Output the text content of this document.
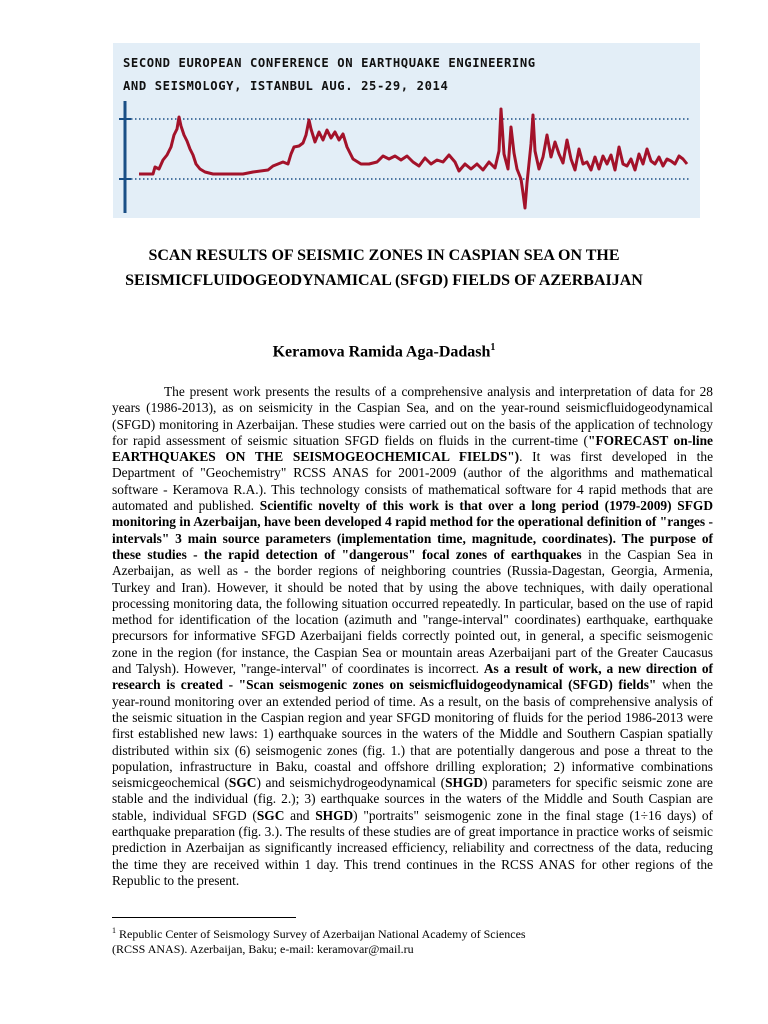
SECOND EUROPEAN CONFERENCE ON EARTHQUAKE ENGINEERING
AND SEISMOLOGY, ISTANBUL AUG. 25-29, 2014
SCAN RESULTS OF SEISMIC ZONES IN CASPIAN SEA ON THE
SEISMICFLUIDOGEODYNAMICAL (SFGD) FIELDS OF AZERBAIJAN
Keramova Ramida Aga-Dadash$^1$

The present work presents the results of a comprehensive analysis and interpretation of data for 28 years (1986-2013), as on seismicity in the Caspian Sea, and on the year-round seismicfluidogeodynamical (SFGD) monitoring in Azerbaijan. These studies were carried out on the basis of the application of technology for rapid assessment of seismic situation SFGD fields on fluids in the current-time ("FORECAST on-line EARTHQUAKES ON THE SEISMOGEOCHEMICAL FIELDS"). It was first developed in the Department of "Geochemistry" RCSS ANAS for 2001-2009 (author of the algorithms and mathematical software - Keramova R.A.). This technology consists of mathematical software for 4 rapid methods that are automated and published. Scientific novelty of this work is that over a long period (1979-2009) SFGD monitoring in Azerbaijan, have been developed 4 rapid method for the operational definition of "ranges - intervals" 3 main source parameters (implementation time, magnitude, coordinates). The purpose of these studies - the rapid detection of "dangerous" focal zones of earthquakes in the Caspian Sea in Azerbaijan, as well as - the border regions of neighboring countries (Russia-Dagestan, Georgia, Armenia, Turkey and Iran). However, it should be noted that by using the above techniques, with daily operational processing monitoring data, the following situation occurred repeatedly. In particular, based on the use of rapid method for identification of the location (azimuth and "range-interval" coordinates) earthquake, earthquake precursors for informative SFGD Azerbaijani fields correctly pointed out, in general, a specific seismogenic zone in the region (for instance, the Caspian Sea or mountain areas Azerbaijani part of the Greater Caucasus and Talysh). However, "range-interval" of coordinates is incorrect. As a result of work, a new direction of research is created - "Scan seismogenic zones on seismicfluidogeodynamical (SFGD) fields" when the year-round monitoring over an extended period of time. As a result, on the basis of comprehensive analysis of the seismic situation in the Caspian region and year SFGD monitoring of fluids for the period 1986-2013 were first established new laws: 1) earthquake sources in the waters of the Middle and Southern Caspian spatially distributed within six (6) seismogenic zones (fig. 1.) that are potentially dangerous and pose a threat to the population, infrastructure in Baku, coastal and offshore drilling exploration; 2) informative combinations seismicgeochemical (SGC) and seismichydrogeodynamical (SHGD) parameters for specific seismic zone are stable and the individual (fig. 2.); 3) earthquake sources in the waters of the Middle and South Caspian are stable, individual SFGD (SGC and SHGD) "portraits" seismogenic zone in the final stage (1÷16 days) of earthquake preparation (fig. 3.). The results of these studies are of great importance in practice works of seismic prediction in Azerbaijan as significantly increased efficiency, reliability and correctness of the data, reducing the time they are received within 1 day. This trend continues in the RCSS ANAS for other regions of the Republic to the present.

$^1$ Republic Center of Seismology Survey of Azerbaijan National Academy of Sciences
(RCSS ANAS). Azerbaijan, Baku; e-mail: keramovar@mail.ru
